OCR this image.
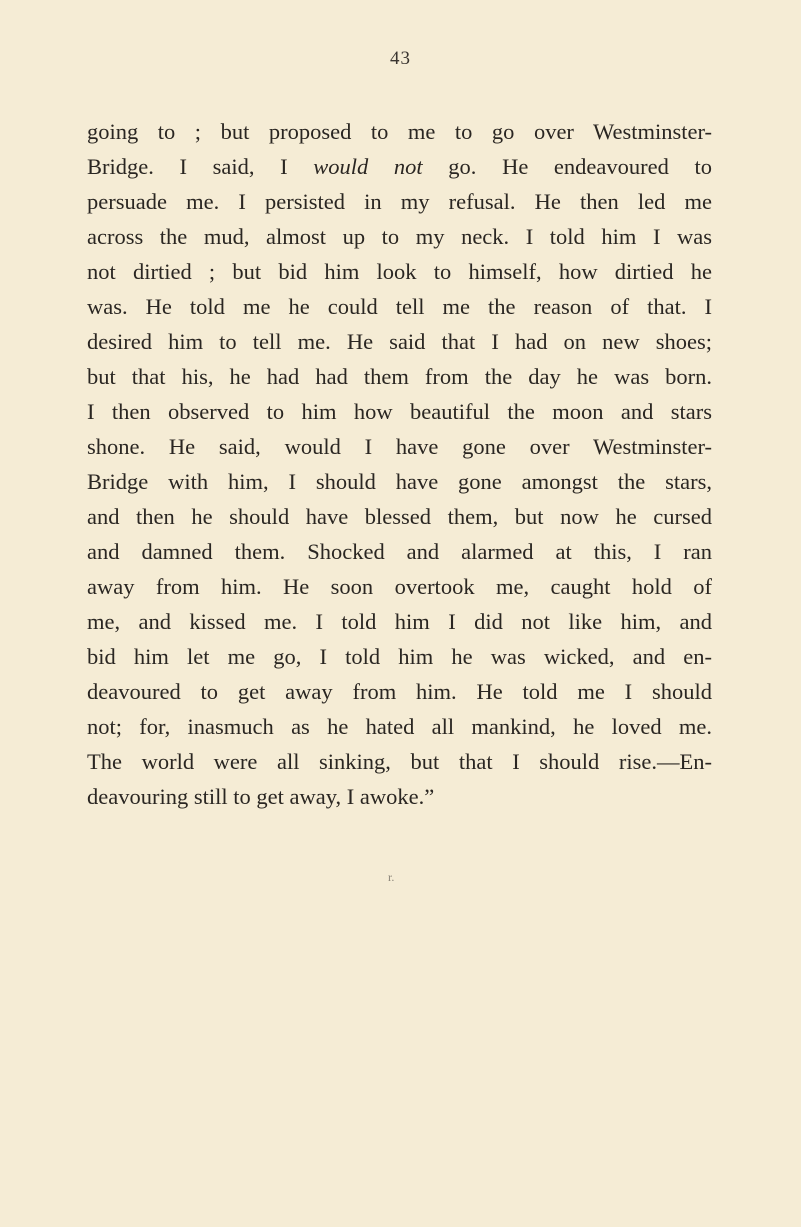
43
going to ; but proposed to me to go over Westminster-
Bridge. I said, I would not go. He endeavoured to
persuade me. I persisted in my refusal. He then led me
across the mud, almost up to my neck. I told him I was
not dirtied ; but bid him look to himself, how dirtied he
was. He told me he could tell me the reason of that. I
desired him to tell me. He said that I had on new shoes;
but that his, he had had them from the day he was born.
I then observed to him how beautiful the moon and stars
shone. He said, would I have gone over Westminster-
Bridge with him, I should have gone amongst the stars,
and then he should have blessed them, but now he cursed
and damned them. Shocked and alarmed at this, I ran
away from him. He soon overtook me, caught hold of
me, and kissed me. I told him I did not like him, and
bid him let me go, I told him he was wicked, and en-
deavoured to get away from him. He told me I should
not; for, inasmuch as he hated all mankind, he loved me.
The world were all sinking, but that I should rise.—En-
deavouring still to get away, I awoke.”
r.
